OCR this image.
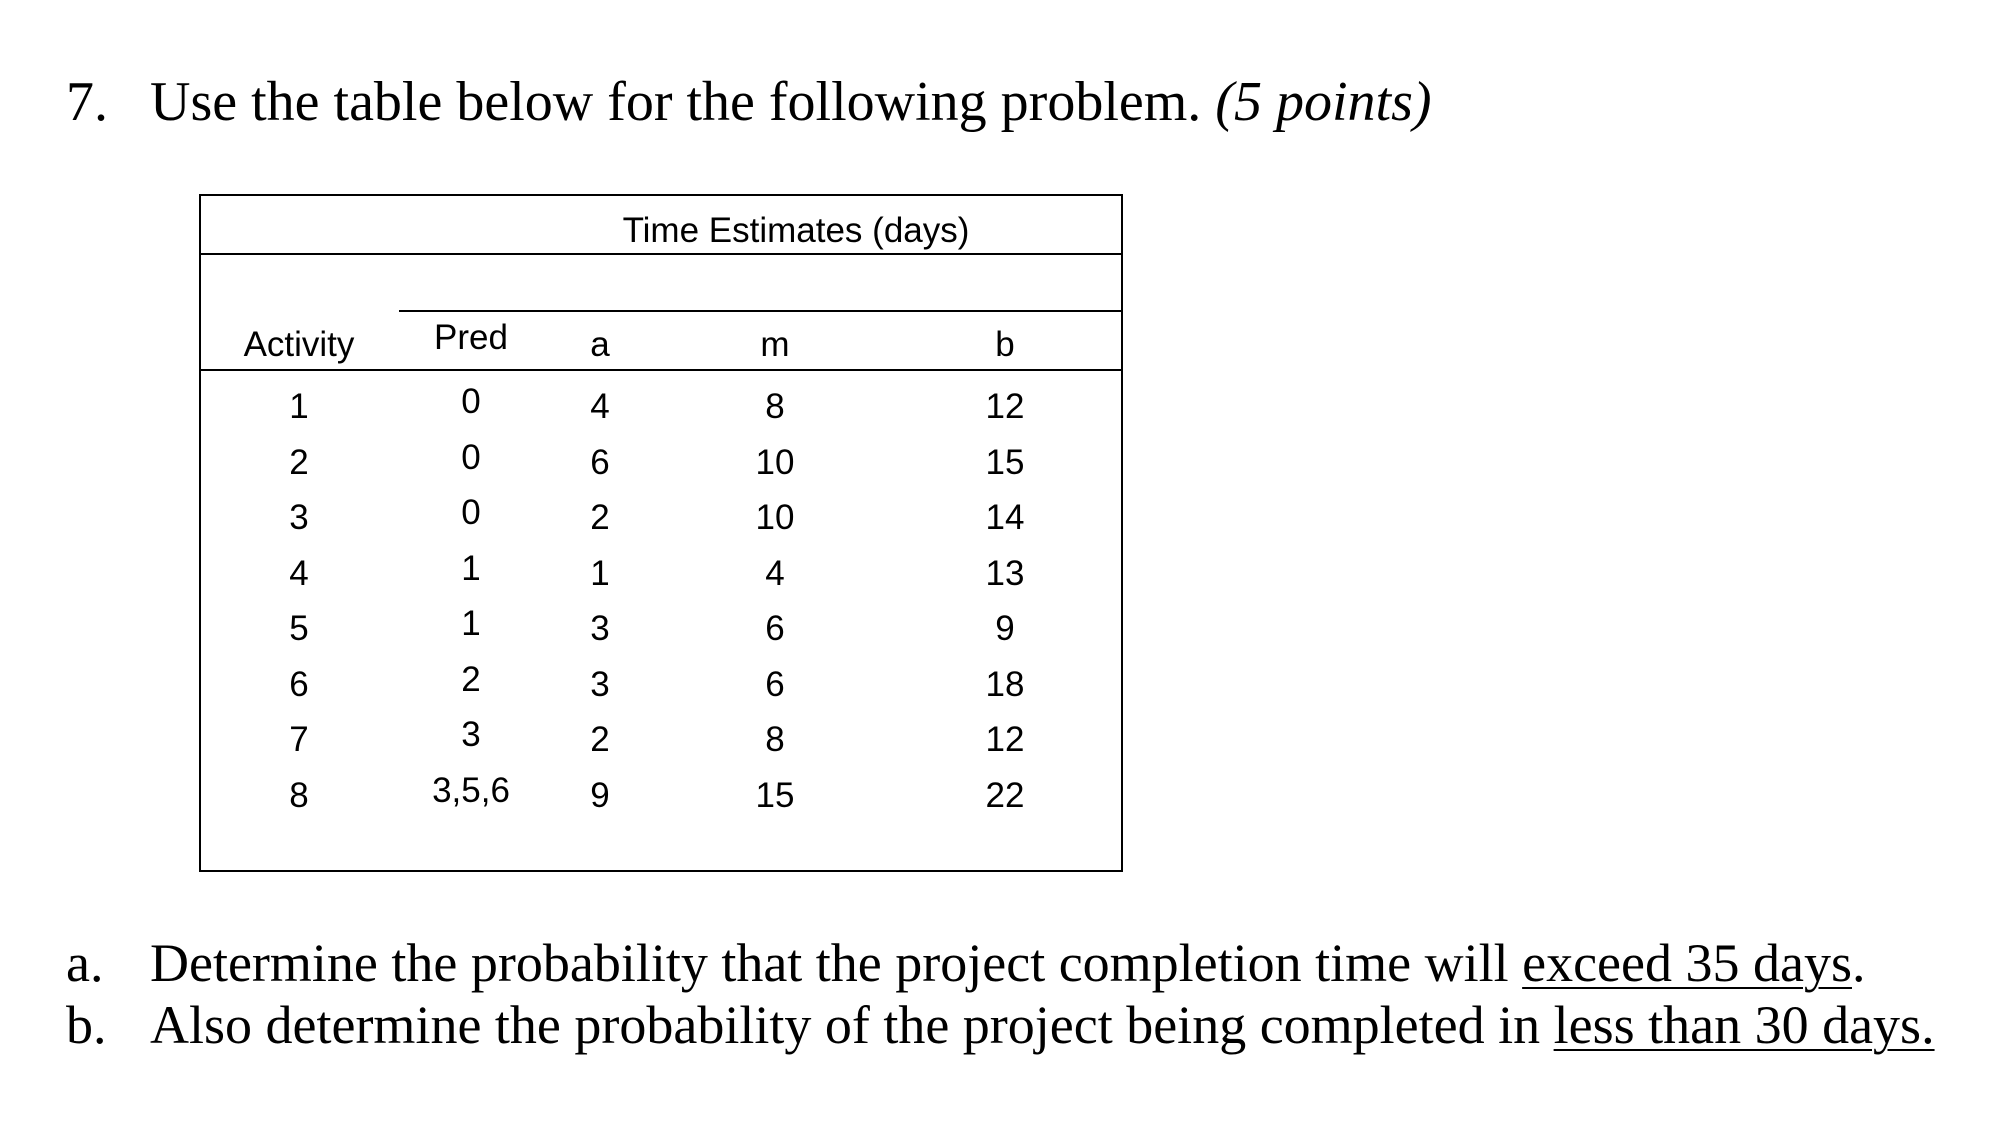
7. Use the table below for the following problem. (5 points)
Time Estimates (days)
Activity	Pred	a	m	b
1	0	4	8	12
2	0	6	10	15
3	0	2	10	14
4	1	1	4	13
5	1	3	6	9
6	2	3	6	18
7	3	2	8	12
8	3,5,6	9	15	22
a. Determine the probability that the project completion time will exceed 35 days.
b. Also determine the probability of the project being completed in less than 30 days.
